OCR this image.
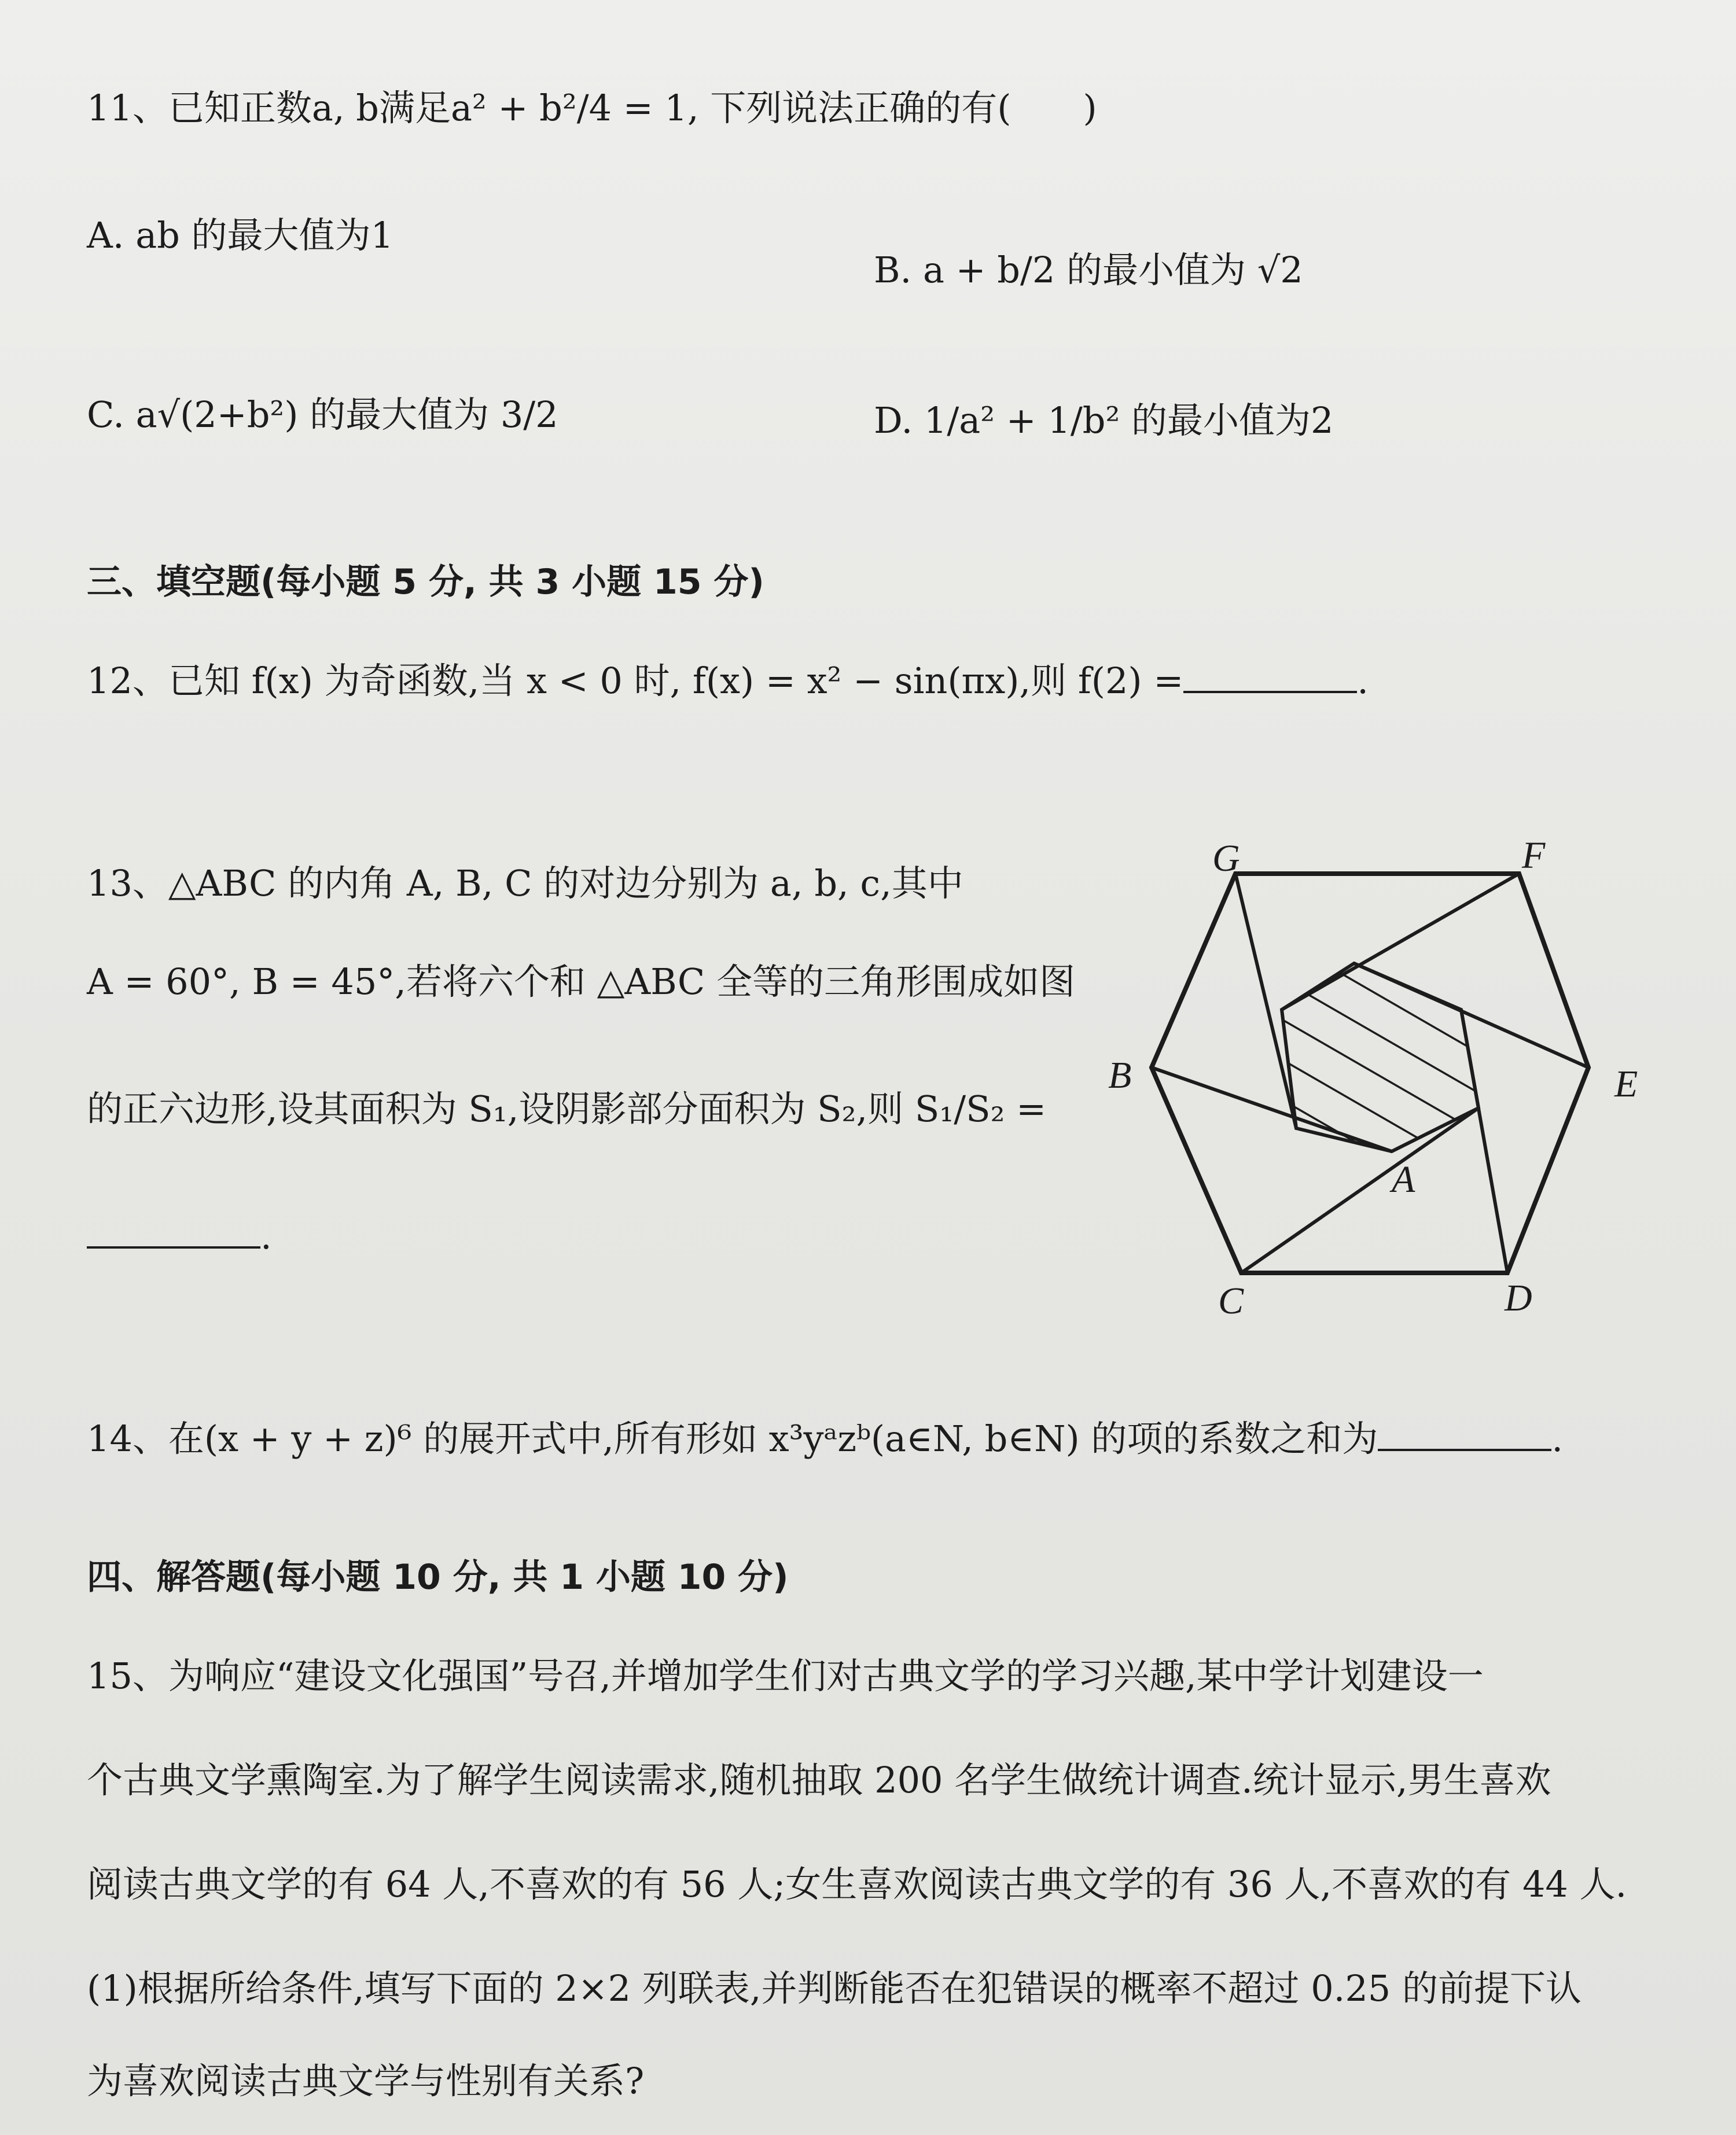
11、已知正数a, b满足a² + b²/4 = 1, 下列说法正确的有(　　)
A. ab 的最大值为1
B. a + b/2 的最小值为 √2
C. a√(2+b²) 的最大值为 3/2	D. 1/a² + 1/b² 的最小值为2
三、填空题(每小题 5 分, 共 3 小题 15 分)
12、已知 f(x) 为奇函数,当 x < 0 时, f(x) = x² − sin(πx),则 f(2) =	.
13、△ABC 的内角 A, B, C 的对边分别为 a, b, c,其中
A = 60°, B = 45°,若将六个和 △ABC 全等的三角形围成如图
的正六边形,设其面积为 S₁,设阴影部分面积为 S₂,则 S₁/S₂ =
.
G	F
B	E
A
C	D
14、在(x + y + z)⁶ 的展开式中,所有形如 x³yᵃzᵇ(a∈N, b∈N) 的项的系数之和为	.
四、解答题(每小题 10 分, 共 1 小题 10 分)
15、为响应“建设文化强国”号召,并增加学生们对古典文学的学习兴趣,某中学计划建设一
个古典文学熏陶室.为了解学生阅读需求,随机抽取 200 名学生做统计调查.统计显示,男生喜欢
阅读古典文学的有 64 人,不喜欢的有 56 人;女生喜欢阅读古典文学的有 36 人,不喜欢的有 44 人.
(1)根据所给条件,填写下面的 2×2 列联表,并判断能否在犯错误的概率不超过 0.25 的前提下认
为喜欢阅读古典文学与性别有关系?
